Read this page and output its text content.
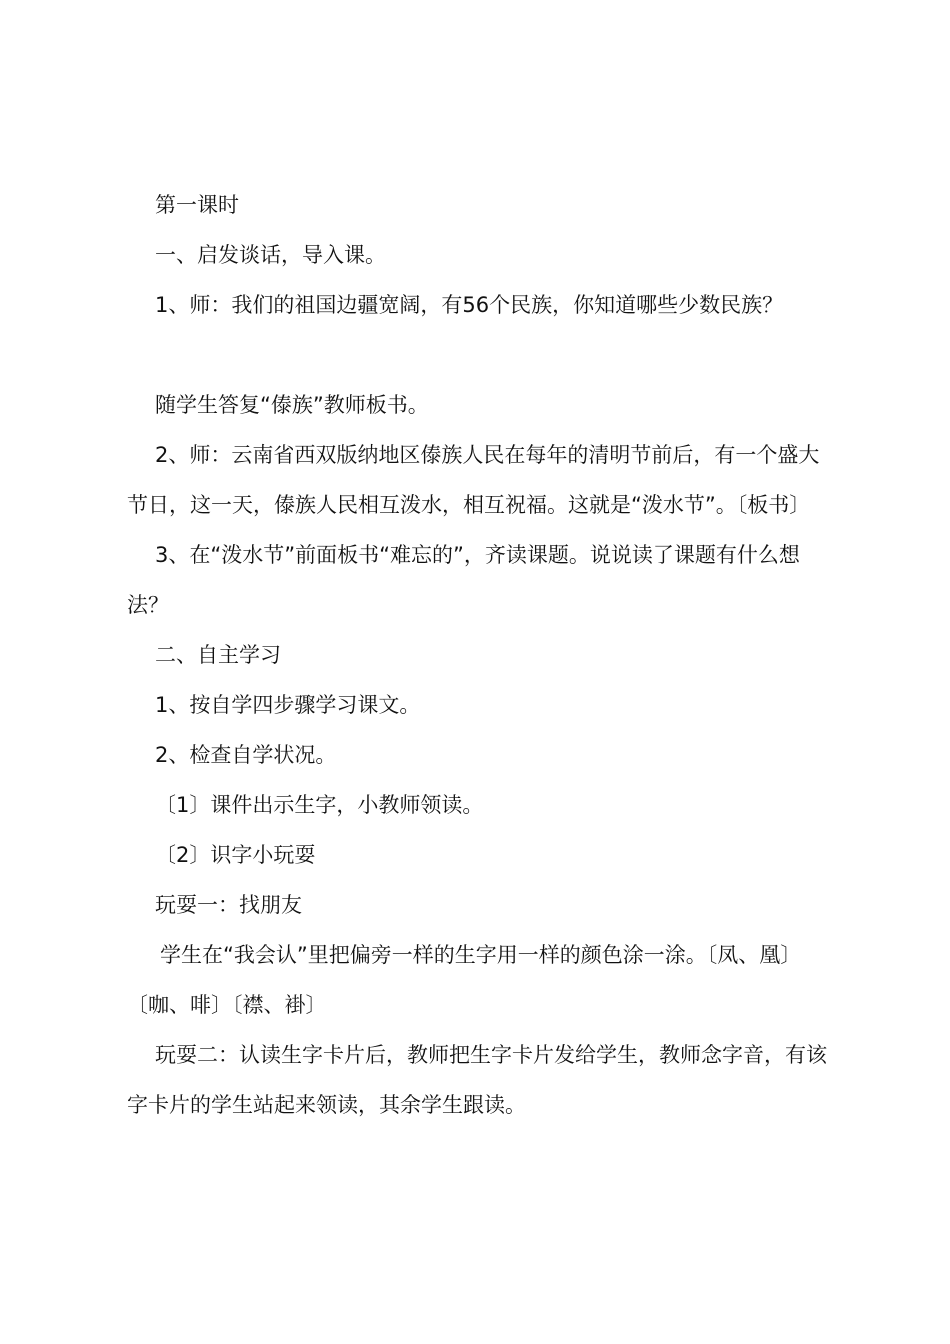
第一课时

一、启发谈话，导入课。

1、师：我们的祖国边疆宽阔，有56个民族，你知道哪些少数民族？

随学生答复“傣族”教师板书。

2、师：云南省西双版纳地区傣族人民在每年的清明节前后，有一个盛大节日，这一天，傣族人民相互泼水，相互祝福。这就是“泼水节”。〔板书〕

3、在“泼水节”前面板书“难忘的”，齐读课题。说说读了课题有什么想法？

二、自主学习

1、按自学四步骤学习课文。

2、检查自学状况。

〔1〕课件出示生字，小教师领读。

〔2〕识字小玩耍

玩耍一：找朋友

学生在“我会认”里把偏旁一样的生字用一样的颜色涂一涂。〔凤、凰〕〔咖、啡〕〔襟、褂〕

玩耍二：认读生字卡片后，教师把生字卡片发给学生，教师念字音，有该字卡片的学生站起来领读，其余学生跟读。
